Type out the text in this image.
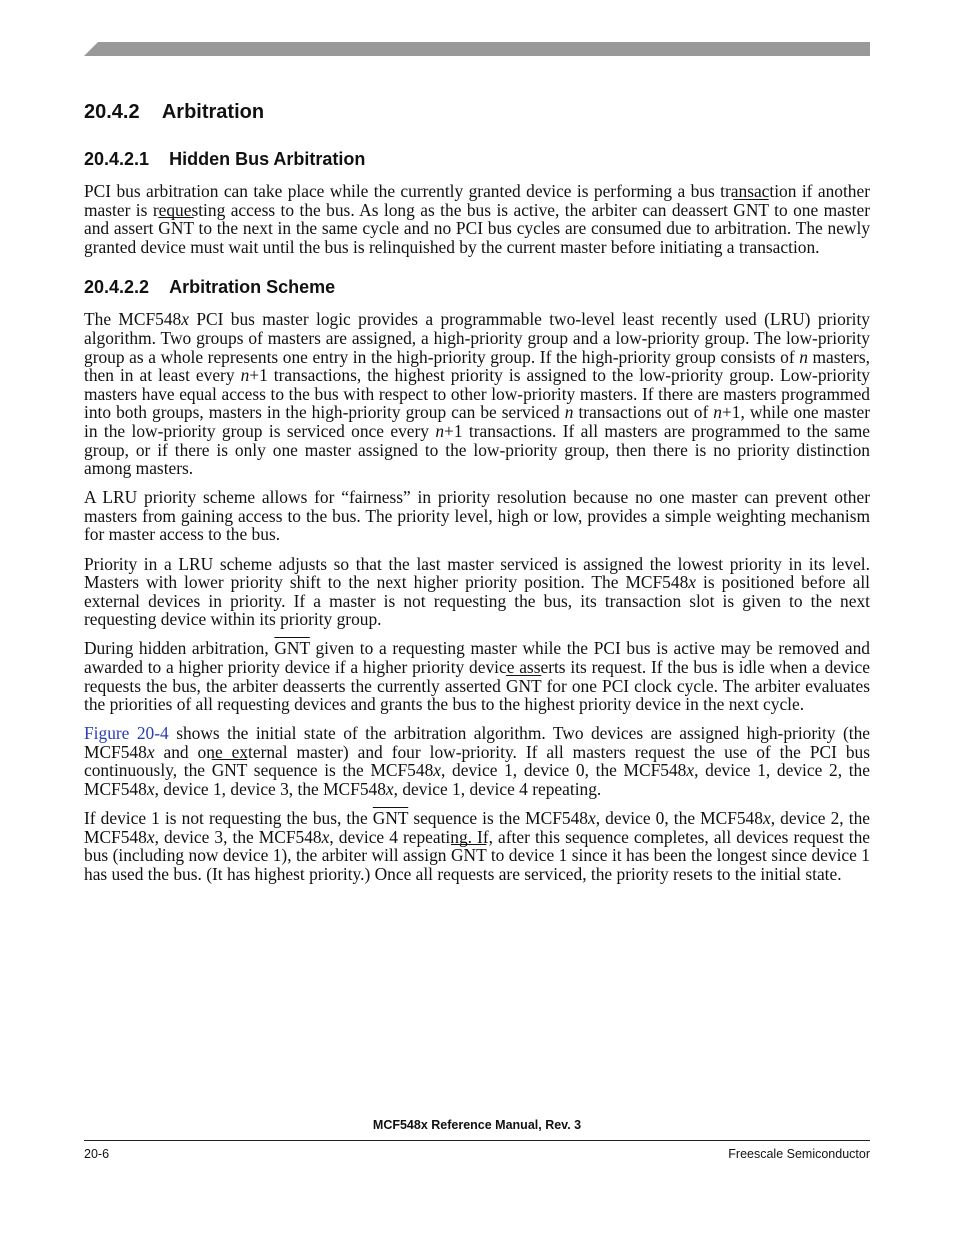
20.4.2 Arbitration
20.4.2.1 Hidden Bus Arbitration

PCI bus arbitration can take place while the currently granted device is performing a bus transaction if another master is requesting access to the bus. As long as the bus is active, the arbiter can deassert $\overline{GNT}$ to one master and assert $\overline{GNT}$ to the next in the same cycle and no PCI bus cycles are consumed due to arbitration. The newly granted device must wait until the bus is relinquished by the current master before initiating a transaction.

20.4.2.2 Arbitration Scheme

The MCF548x PCI bus master logic provides a programmable two-level least recently used (LRU) priority algorithm. Two groups of masters are assigned, a high-priority group and a low-priority group. The low-priority group as a whole represents one entry in the high-priority group. If the high-priority group consists of n masters, then in at least every n+1 transactions, the highest priority is assigned to the low-priority group. Low-priority masters have equal access to the bus with respect to other low-priority masters. If there are masters programmed into both groups, masters in the high-priority group can be serviced n transactions out of n+1, while one master in the low-priority group is serviced once every n+1 transactions. If all masters are programmed to the same group, or if there is only one master assigned to the low-priority group, then there is no priority distinction among masters.

A LRU priority scheme allows for “fairness” in priority resolution because no one master can prevent other masters from gaining access to the bus. The priority level, high or low, provides a simple weighting mechanism for master access to the bus.

Priority in a LRU scheme adjusts so that the last master serviced is assigned the lowest priority in its level. Masters with lower priority shift to the next higher priority position. The MCF548x is positioned before all external devices in priority. If a master is not requesting the bus, its transaction slot is given to the next requesting device within its priority group.

During hidden arbitration, $\overline{GNT}$ given to a requesting master while the PCI bus is active may be removed and awarded to a higher priority device if a higher priority device asserts its request. If the bus is idle when a device requests the bus, the arbiter deasserts the currently asserted $\overline{GNT}$ for one PCI clock cycle. The arbiter evaluates the priorities of all requesting devices and grants the bus to the highest priority device in the next cycle.

Figure 20-4 shows the initial state of the arbitration algorithm. Two devices are assigned high-priority (the MCF548x and one external master) and four low-priority. If all masters request the use of the PCI bus continuously, the $\overline{GNT}$ sequence is the MCF548x, device 1, device 0, the MCF548x, device 1, device 2, the MCF548x, device 1, device 3, the MCF548x, device 1, device 4 repeating.

If device 1 is not requesting the bus, the $\overline{GNT}$ sequence is the MCF548x, device 0, the MCF548x, device 2, the MCF548x, device 3, the MCF548x, device 4 repeating. If, after this sequence completes, all devices request the bus (including now device 1), the arbiter will assign $\overline{GNT}$ to device 1 since it has been the longest since device 1 has used the bus. (It has highest priority.) Once all requests are serviced, the priority resets to the initial state.

MCF548x Reference Manual, Rev. 3
20-6	Freescale Semiconductor
